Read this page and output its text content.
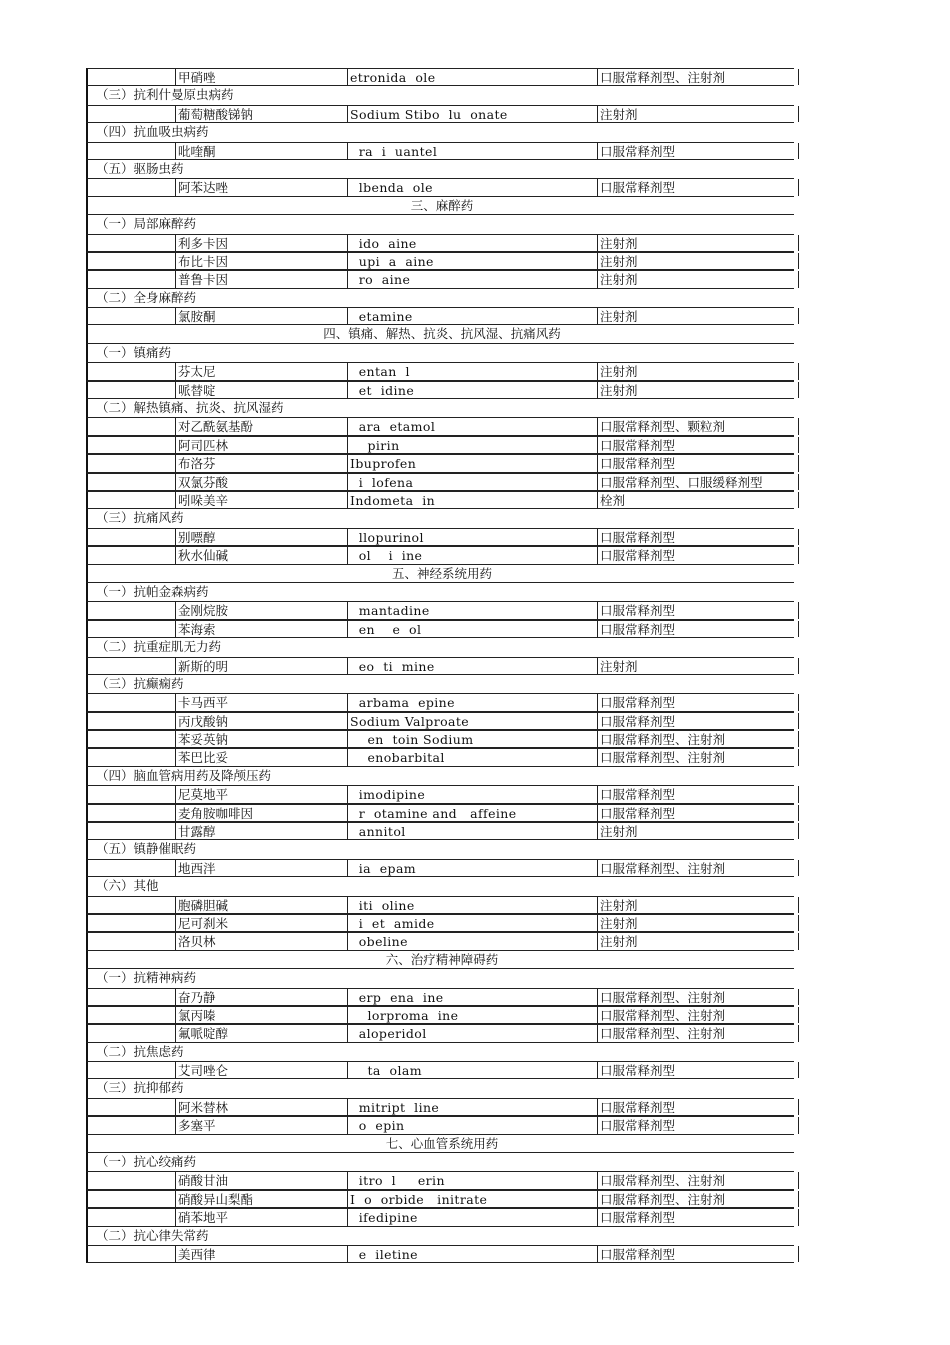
甲硝唑	etronida  ole	口服常释剂型、注射剂
（三）抗利什曼原虫病药
葡萄糖酸锑钠	Sodium Stibo  lu  onate	注射剂
（四）抗血吸虫病药
吡喹酮	ra  i  uantel	口服常释剂型
（五）驱肠虫药
阿苯达唑	lbenda  ole	口服常释剂型
三、麻醉药
（一）局部麻醉药
利多卡因	ido  aine	注射剂
布比卡因	upi  a  aine	注射剂
普鲁卡因	ro  aine	注射剂
（二）全身麻醉药
氯胺酮	etamine	注射剂
四、镇痛、解热、抗炎、抗风湿、抗痛风药
（一）镇痛药
芬太尼	entan  l	注射剂
哌替啶	et  idine	注射剂
（二）解热镇痛、抗炎、抗风湿药
对乙酰氨基酚	ara  etamol	口服常释剂型、颗粒剂
阿司匹林	pirin	口服常释剂型
布洛芬	Ibuprofen	口服常释剂型
双氯芬酸	i  lofena	口服常释剂型、口服缓释剂型
吲哚美辛	Indometa  in	栓剂
（三）抗痛风药
别嘌醇	llopurinol	口服常释剂型
秋水仙碱	ol    i  ine	口服常释剂型
五、神经系统用药
（一）抗帕金森病药
金刚烷胺	mantadine	口服常释剂型
苯海索	en    e  ol	口服常释剂型
（二）抗重症肌无力药
新斯的明	eo  ti  mine	注射剂
（三）抗癫痫药
卡马西平	arbama  epine	口服常释剂型
丙戊酸钠	Sodium Valproate	口服常释剂型
苯妥英钠	en  toin Sodium	口服常释剂型、注射剂
苯巴比妥	enobarbital	口服常释剂型、注射剂
（四）脑血管病用药及降颅压药
尼莫地平	imodipine	口服常释剂型
麦角胺咖啡因	r  otamine and   affeine	口服常释剂型
甘露醇	annitol	注射剂
（五）镇静催眠药
地西泮	ia  epam	口服常释剂型、注射剂
（六）其他
胞磷胆碱	iti  oline	注射剂
尼可刹米	i  et  amide	注射剂
洛贝林	obeline	注射剂
六、治疗精神障碍药
（一）抗精神病药
奋乃静	erp  ena  ine	口服常释剂型、注射剂
氯丙嗪	lorproma  ine	口服常释剂型、注射剂
氟哌啶醇	aloperidol	口服常释剂型、注射剂
（二）抗焦虑药
艾司唑仑	ta  olam	口服常释剂型
（三）抗抑郁药
阿米替林	mitript  line	口服常释剂型
多塞平	o  epin	口服常释剂型
七、心血管系统用药
（一）抗心绞痛药
硝酸甘油	itro  l     erin	口服常释剂型、注射剂
硝酸异山梨酯	I  o  orbide   initrate	口服常释剂型、注射剂
硝苯地平	ifedipine	口服常释剂型
（二）抗心律失常药
美西律	e  iletine	口服常释剂型
